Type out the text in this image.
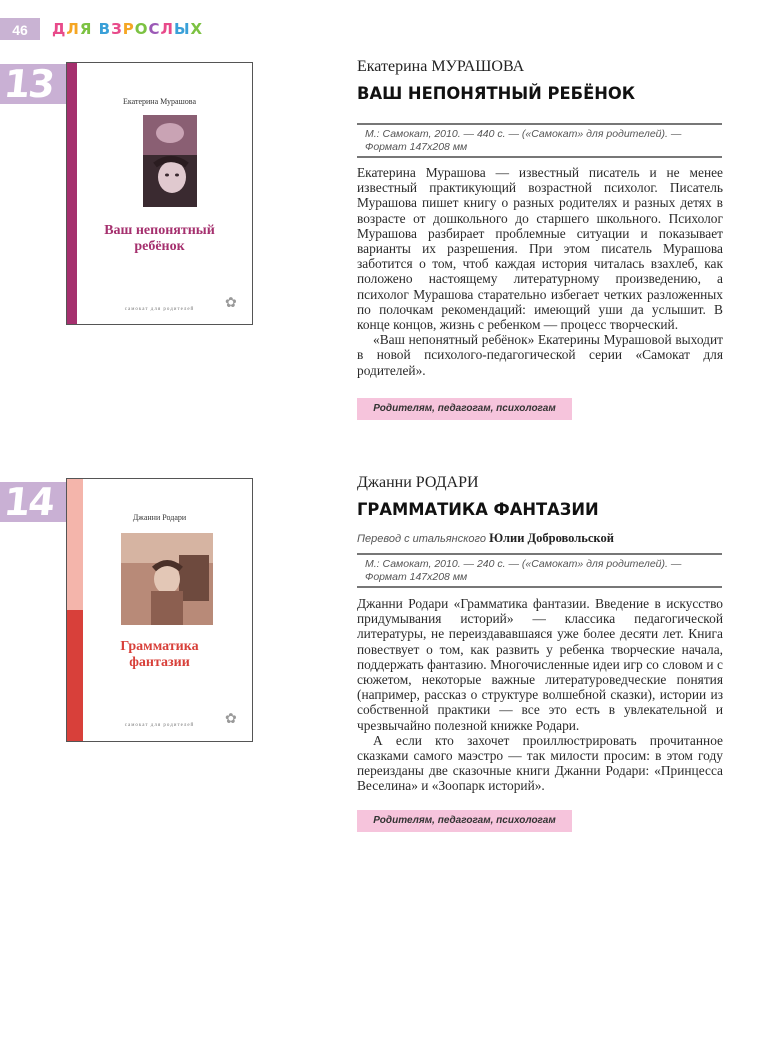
46	ДЛЯ ВЗРОСЛЫХ
13	Екатерина Мурашова
Ваш непонятный
ребёнок
✿
самокат для родителей
Екатерина МУРАШОВА
ВАШ НЕПОНЯТНЫЙ РЕБЁНОК
М.: Самокат, 2010. — 440 с. — («Самокат» для родителей). — Формат 147х208 мм

Екатерина Мурашова — известный писатель и не менее известный практикующий возрастной психолог. Писатель Мурашова пишет книгу о разных родителях и разных детях в возрасте от дошкольного до старшего школьного. Психолог Мурашова разбирает проблемные ситуации и показывает варианты их разрешения. При этом писатель Мурашова заботится о том, чтоб каждая история читалась взахлеб, как положено настоящему литературному произведению, а психолог Мурашова старательно избегает четких разложенных по полочкам рекомендаций: имеющий уши да услышит. В конце концов, жизнь с ребенком — процесс творческий.

«Ваш непонятный ребёнок» Екатерины Мурашовой выходит в новой психолого-педагогической серии «Самокат для родителей».

Родителям, педагогам, психологам
14	Джанни Родари
Грамматика
фантазии
✿
самокат для родителей
Джанни РОДАРИ
ГРАММАТИКА ФАНТАЗИИ
Перевод с итальянского Юлии Добровольской
М.: Самокат, 2010. — 240 с. — («Самокат» для родителей). — Формат 147х208 мм

Джанни Родари «Грамматика фантазии. Введение в искусство придумывания историй» — классика педагогической литературы, не переиздававшаяся уже более десяти лет. Книга повествует о том, как развить у ребенка творческие начала, поддержать фантазию. Многочисленные идеи игр со словом и с сюжетом, некоторые важные литературоведческие понятия (например, рассказ о структуре волшебной сказки), истории из собственной практики — все это есть в увлекательной и чрезвычайно полезной книжке Родари.

А если кто захочет проиллюстрировать прочитанное сказками самого маэстро — так милости просим: в этом году переизданы две сказочные книги Джанни Родари: «Принцесса Веселина» и «Зоопарк историй».

Родителям, педагогам, психологам
